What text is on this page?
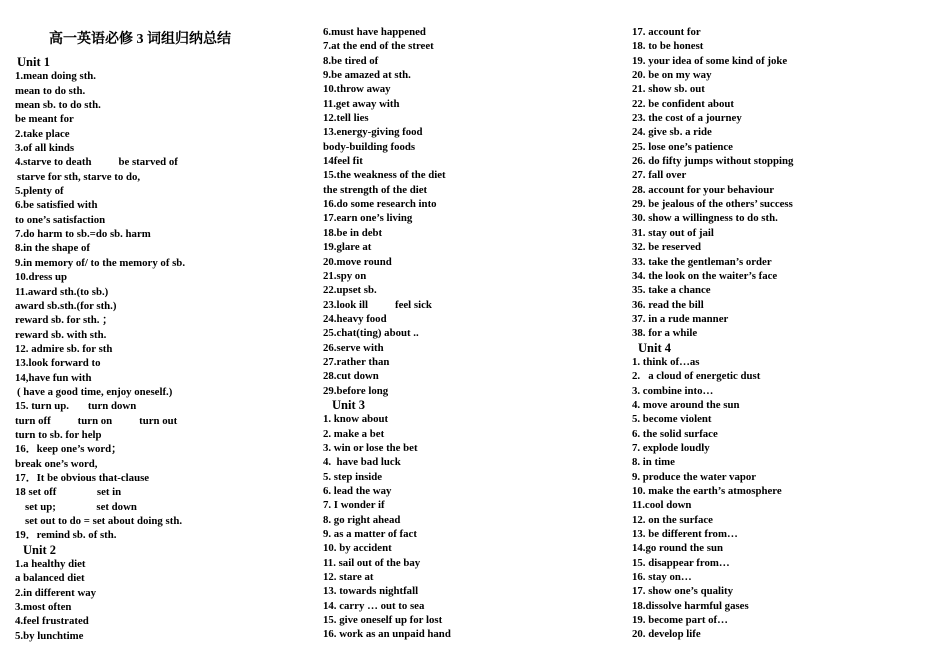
高一英语必修 3 词组归纳总结
Unit 1
1.mean doing sth.
mean to do sth.
mean sb. to do sth.
be meant for
2.take place
3.of all kinds
4.starve to death          be starved of
starve for sth, starve to do,
5.plenty of
6.be satisfied with
to one’s satisfaction
7.do harm to sb.=do sb. harm
8.in the shape of
9.in memory of/ to the memory of sb.
10.dress up
11.award sth.(to sb.)
award sb.sth.(for sth.)
reward sb. for sth. ；
reward sb. with sth.
12. admire sb. for sth
13.look forward to
14,have fun with
( have a good time, enjoy oneself.)
15. turn up.       turn down
turn off          turn on          turn out
turn to sb. for help
16．keep one’s word；
break one’s word,
17．It be obvious that-clause
18 set off               set in
set up;               set down
set out to do = set about doing sth.
19．remind sb. of sth.
Unit 2
1.a healthy diet
a balanced diet
2.in different way
3.most often
4.feel frustrated
5.by lunchtime
6.must have happened
7.at the end of the street
8.be tired of
9.be amazed at sth.
10.throw away
11.get away with
12.tell lies
13.energy-giving food
body-building foods
14feel fit
15.the weakness of the diet
the strength of the diet
16.do some research into
17.earn one’s living
18.be in debt
19.glare at
20.move round
21.spy on
22.upset sb.
23.look ill          feel sick
24.heavy food
25.chat(ting) about ..
26.serve with
27.rather than
28.cut down
29.before long
Unit 3
1. know about
2. make a bet
3. win or lose the bet
4.  have bad luck
5. step inside
6. lead the way
7. I wonder if
8. go right ahead
9. as a matter of fact
10. by accident
11. sail out of the bay
12. stare at
13. towards nightfall
14. carry … out to sea
15. give oneself up for lost
16. work as an unpaid hand
17. account for
18. to be honest
19. your idea of some kind of joke
20. be on my way
21. show sb. out
22. be confident about
23. the cost of a journey
24. give sb. a ride
25. lose one’s patience
26. do fifty jumps without stopping
27. fall over
28. account for your behaviour
29. be jealous of the others’ success
30. show a willingness to do sth.
31. stay out of jail
32. be reserved
33. take the gentleman’s order
34. the look on the waiter’s face
35. take a chance
36. read the bill
37. in a rude manner
38. for a while
Unit 4
1. think of…as
2.   a cloud of energetic dust
3. combine into…
4. move around the sun
5. become violent
6. the solid surface
7. explode loudly
8. in time
9. produce the water vapor
10. make the earth’s atmosphere
11.cool down
12. on the surface
13. be different from…
14.go round the sun
15. disappear from…
16. stay on…
17. show one’s quality
18.dissolve harmful gases
19. become part of…
20. develop life
